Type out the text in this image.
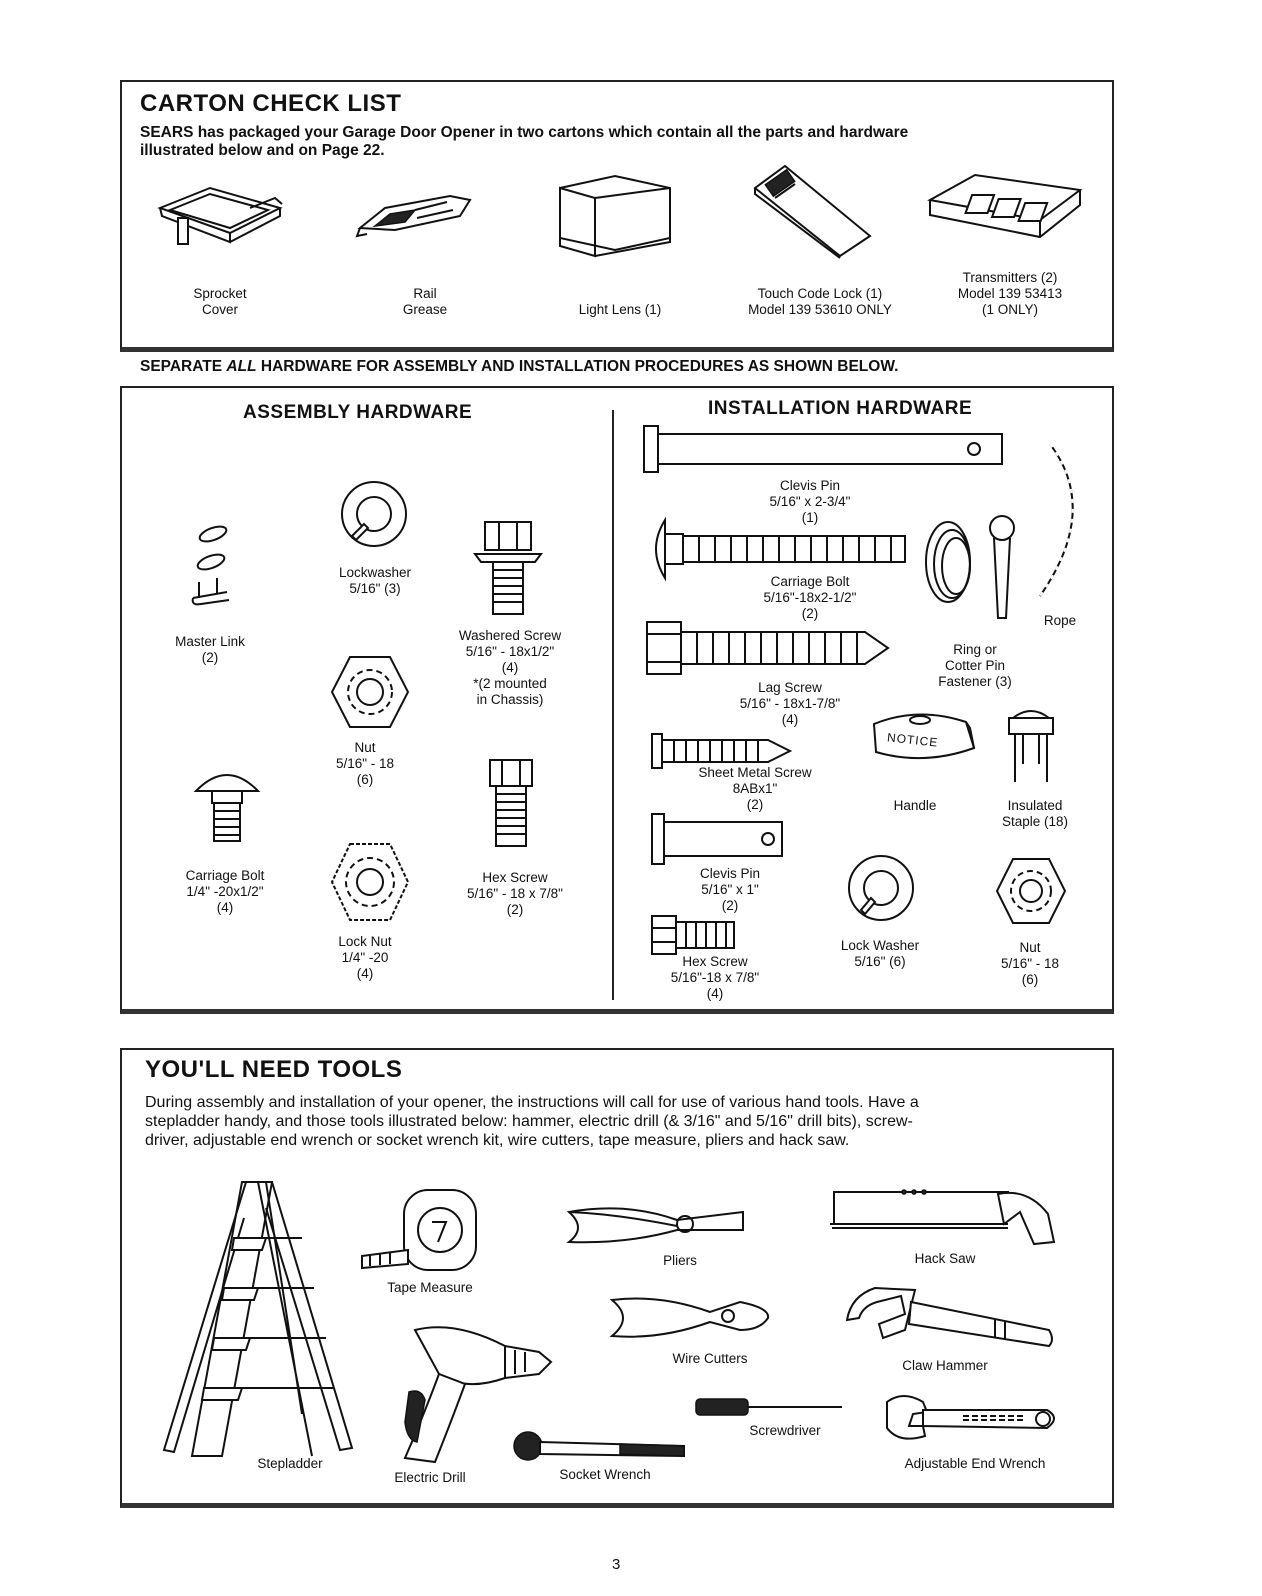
CARTON CHECK LIST
SEARS has packaged your Garage Door Opener in two cartons which contain all the parts and hardware
illustrated below and on Page 22.
Sprocket
Cover
Rail
Grease	Light Lens (1)
Touch Code Lock (1)
Model 139 53610 ONLY
Transmitters (2)
Model 139 53413
(1 ONLY)
SEPARATE ALL HARDWARE FOR ASSEMBLY AND INSTALLATION PROCEDURES AS SHOWN BELOW.
ASSEMBLY HARDWARE	INSTALLATION HARDWARE
Master Link
(2)
Lockwasher
5/16" (3)
Washered Screw
5/16" - 18x1/2"
(4)
*(2 mounted
in Chassis)
Nut
5/16" - 18
(6)
Carriage Bolt
1/4" -20x1/2"
(4)
Hex Screw
5/16" - 18 x 7/8"
(2)
Lock Nut
1/4" -20
(4)
Clevis Pin
5/16" x 2-3/4"
(1)
Carriage Bolt
5/16"-18x2-1/2"
(2)	Rope
Ring or
Cotter Pin
Fastener (3)
Lag Screw
5/16" - 18x1-7/8"
(4)
Sheet Metal Screw
8ABx1"
(2)
NOTICE
Handle	Insulated
Staple (18)
Clevis Pin
5/16" x 1"
(2)
Hex Screw
5/16"-18 x 7/8"
(4)
Lock Washer
5/16" (6)
Nut
5/16" - 18
(6)
YOU'LL NEED TOOLS
During assembly and installation of your opener, the instructions will call for use of various hand tools. Have a
stepladder handy, and those tools illustrated below: hammer, electric drill (& 3/16" and 5/16" drill bits), screw-
driver, adjustable end wrench or socket wrench kit, wire cutters, tape measure, pliers and hack saw.
Stepladder
Tape Measure
Pliers	Hack Saw
Wire Cutters	Claw Hammer
Electric Drill
Screwdriver
Socket Wrench
Adjustable End Wrench
3
